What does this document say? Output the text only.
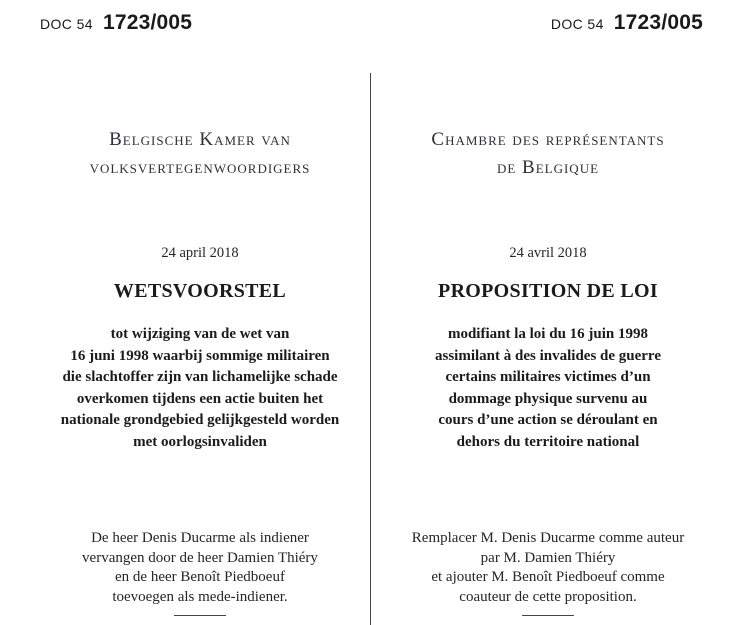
DOC 54 1723/005	DOC 54 1723/005
Belgische Kamer van
volksvertegenwoordigers
24 april 2018
WETSVOORSTEL
tot wijziging van de wet van
16 juni 1998 waarbij sommige militairen
die slachtoffer zijn van lichamelijke schade
overkomen tijdens een actie buiten het
nationale grondgebied gelijkgesteld worden
met oorlogsinvaliden
De heer Denis Ducarme als indiener
vervangen door de heer Damien Thiéry
en de heer Benoît Piedboeuf
toevoegen als mede-indiener.
Chambre des représentants
de Belgique
24 avril 2018
PROPOSITION DE LOI
modifiant la loi du 16 juin 1998
assimilant à des invalides de guerre
certains militaires victimes d’un
dommage physique survenu au
cours d’une action se déroulant en
dehors du territoire national
Remplacer M. Denis Ducarme comme auteur
par M. Damien Thiéry
et ajouter M. Benoît Piedboeuf comme
coauteur de cette proposition.
